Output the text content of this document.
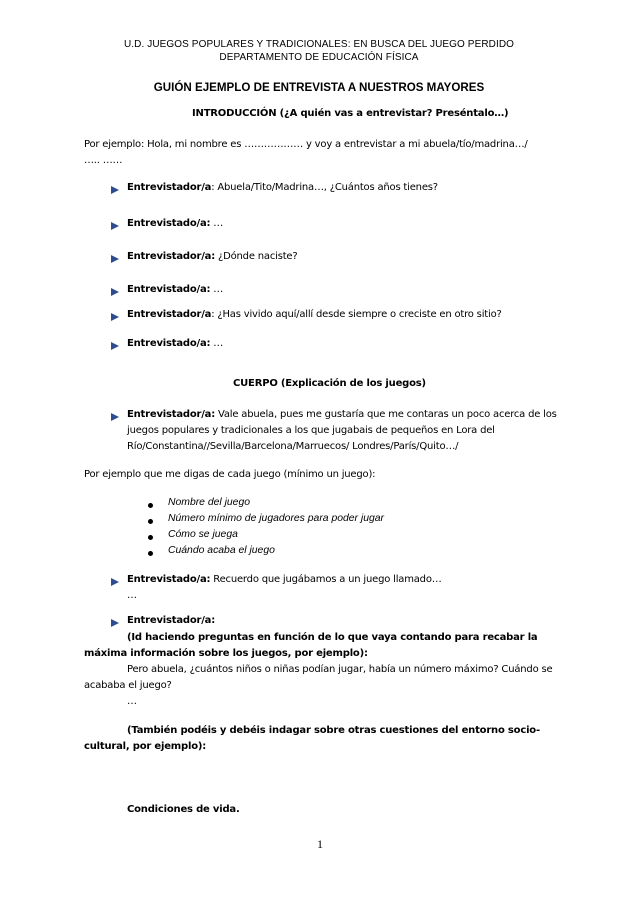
U.D. JUEGOS POPULARES Y TRADICIONALES: EN BUSCA DEL JUEGO PERDIDO
DEPARTAMENTO DE EDUCACIÓN FÍSICA
GUIÓN EJEMPLO DE ENTREVISTA A NUESTROS MAYORES
INTRODUCCIÓN (¿A quién vas a entrevistar? Preséntalo…)
Por ejemplo: Hola, mi nombre es ……………… y voy a entrevistar a mi abuela/tío/madrina…/
….. ……
Entrevistador/a: Abuela/Tito/Madrina…, ¿Cuántos años tienes?
Entrevistado/a: …
Entrevistador/a: ¿Dónde naciste?
Entrevistado/a: …
Entrevistador/a: ¿Has vivido aquí/allí desde siempre o creciste en otro sitio?
Entrevistado/a: …
CUERPO (Explicación de los juegos)
Entrevistador/a: Vale abuela, pues me gustaría que me contaras un poco acerca de los
juegos populares y tradicionales a los que jugabais de pequeños en Lora del
Río/Constantina//Sevilla/Barcelona/Marruecos/ Londres/París/Quito…/
Por ejemplo que me digas de cada juego (mínimo un juego):
Nombre del juego
Número mínimo de jugadores para poder jugar
Cómo se juega
Cuándo acaba el juego
Entrevistado/a: Recuerdo que jugábamos a un juego llamado…
…
Entrevistador/a:
(Id haciendo preguntas en función de lo que vaya contando para recabar la
máxima información sobre los juegos, por ejemplo):
Pero abuela, ¿cuántos niños o niñas podían jugar, había un número máximo? Cuándo se
acababa el juego?
…
(También podéis y debéis indagar sobre otras cuestiones del entorno socio-
cultural, por ejemplo):
Condiciones de vida.
1
